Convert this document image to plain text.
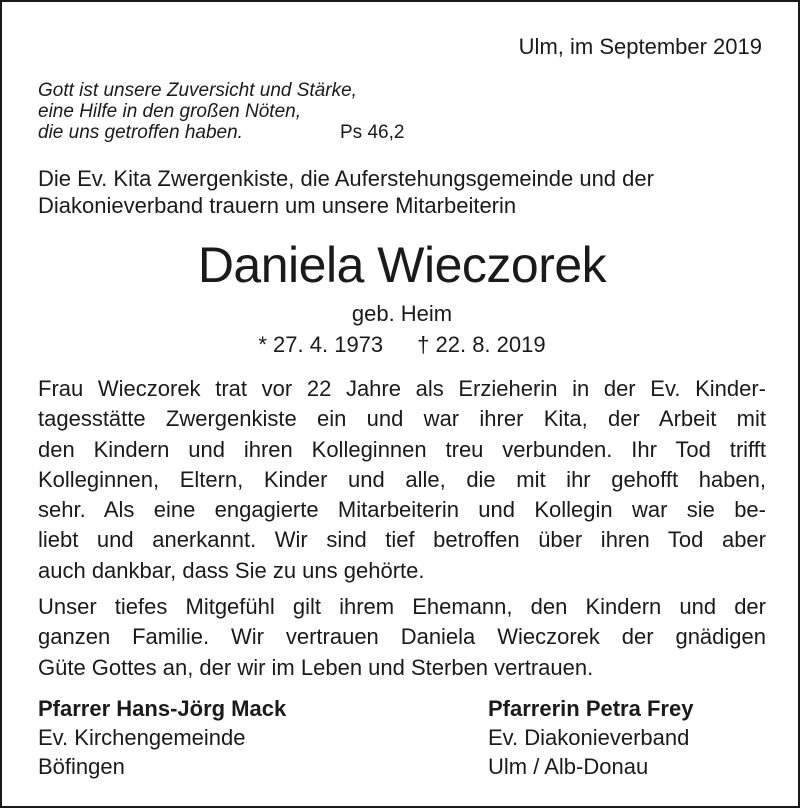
Ulm, im September 2019
Gott ist unsere Zuversicht und Stärke,
eine Hilfe in den großen Nöten,
die uns getroffen haben.	Ps 46,2
Die Ev. Kita Zwergenkiste, die Auferstehungsgemeinde und der
Diakonieverband trauern um unsere Mitarbeiterin
Daniela Wieczorek
geb. Heim
* 27. 4. 1973 † 22. 8. 2019
Frau Wieczorek trat vor 22 Jahre als Erzieherin in der Ev. Kinder-
tagesstätte Zwergenkiste ein und war ihrer Kita, der Arbeit mit
den Kindern und ihren Kolleginnen treu verbunden. Ihr Tod trifft
Kolleginnen, Eltern, Kinder und alle, die mit ihr gehofft haben,
sehr. Als eine engagierte Mitarbeiterin und Kollegin war sie be-
liebt und anerkannt. Wir sind tief betroffen über ihren Tod aber
auch dankbar, dass Sie zu uns gehörte.
Unser tiefes Mitgefühl gilt ihrem Ehemann, den Kindern und der
ganzen Familie. Wir vertrauen Daniela Wieczorek der gnädigen
Güte Gottes an, der wir im Leben und Sterben vertrauen.
Pfarrer Hans-Jörg Mack
Ev. Kirchengemeinde
Böfingen
Pfarrerin Petra Frey
Ev. Diakonieverband
Ulm / Alb-Donau
